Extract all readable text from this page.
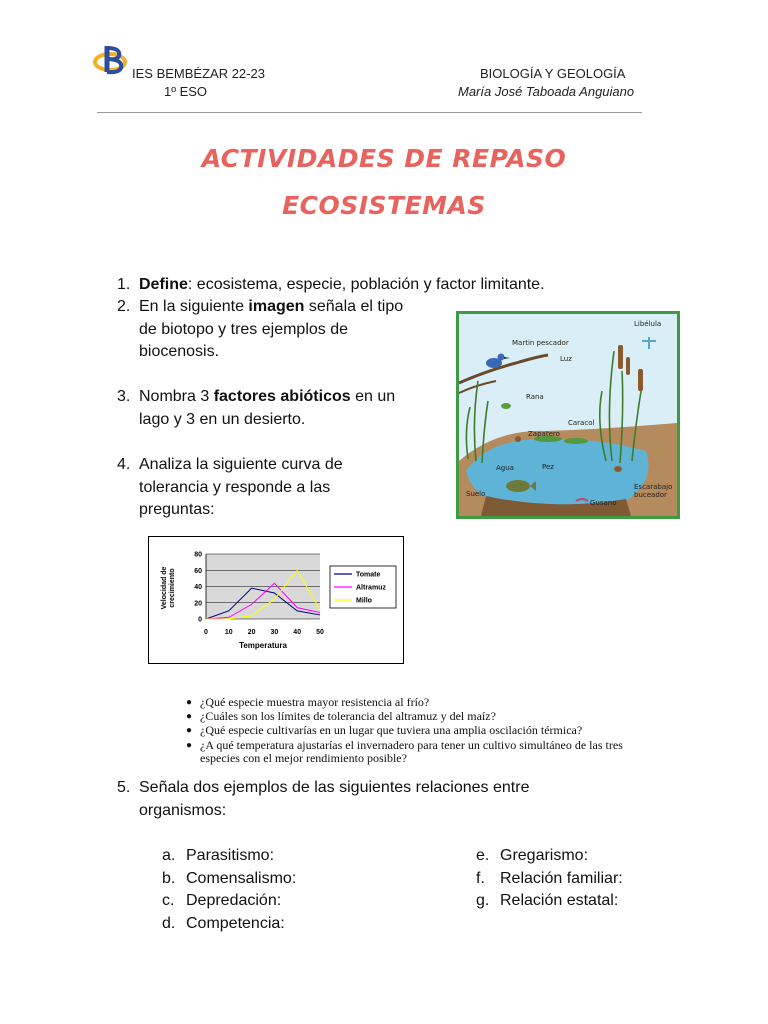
IES BEMBÉZAR 22-23
1º ESO
BIOLOGÍA Y GEOLOGÍA
María José Taboada Anguiano
ACTIVIDADES DE REPASO
ECOSISTEMAS
1. Define: ecosistema, especie, población y factor limitante.
2. En la siguiente imagen señala el tipo
de biotopo y tres ejemplos de
biocenosis.
Libélula
Martin pescador
Luz
Rana
Caracol
Zapatero
Agua	Pez
Suelo
Gusano
Escarabajo
buceador
3. Nombra 3 factores abióticos en un
lago y 3 en un desierto.
4. Analiza la siguiente curva de
tolerancia y responde a las
preguntas:
0
20
40
60
80
0 10 20 30 40 50
Velocidad de crecimiento
Temperatura
Tomate
Altramuz
Millo
¿Qué especie muestra mayor resistencia al frío?
¿Cuáles son los límites de tolerancia del altramuz y del maíz?
¿Qué especie cultivarías en un lugar que tuviera una amplia oscilación térmica?
¿A qué temperatura ajustarías el invernadero para tener un cultivo simultáneo de las tres
especies con el mejor rendimiento posible?
●
●
●
●
5. Señala dos ejemplos de las siguientes relaciones entre
organismos:
a. Parasitismo:
b. Comensalismo:
c. Depredación:
d. Competencia:
e. Gregarismo:
f. Relación familiar:
g. Relación estatal:
